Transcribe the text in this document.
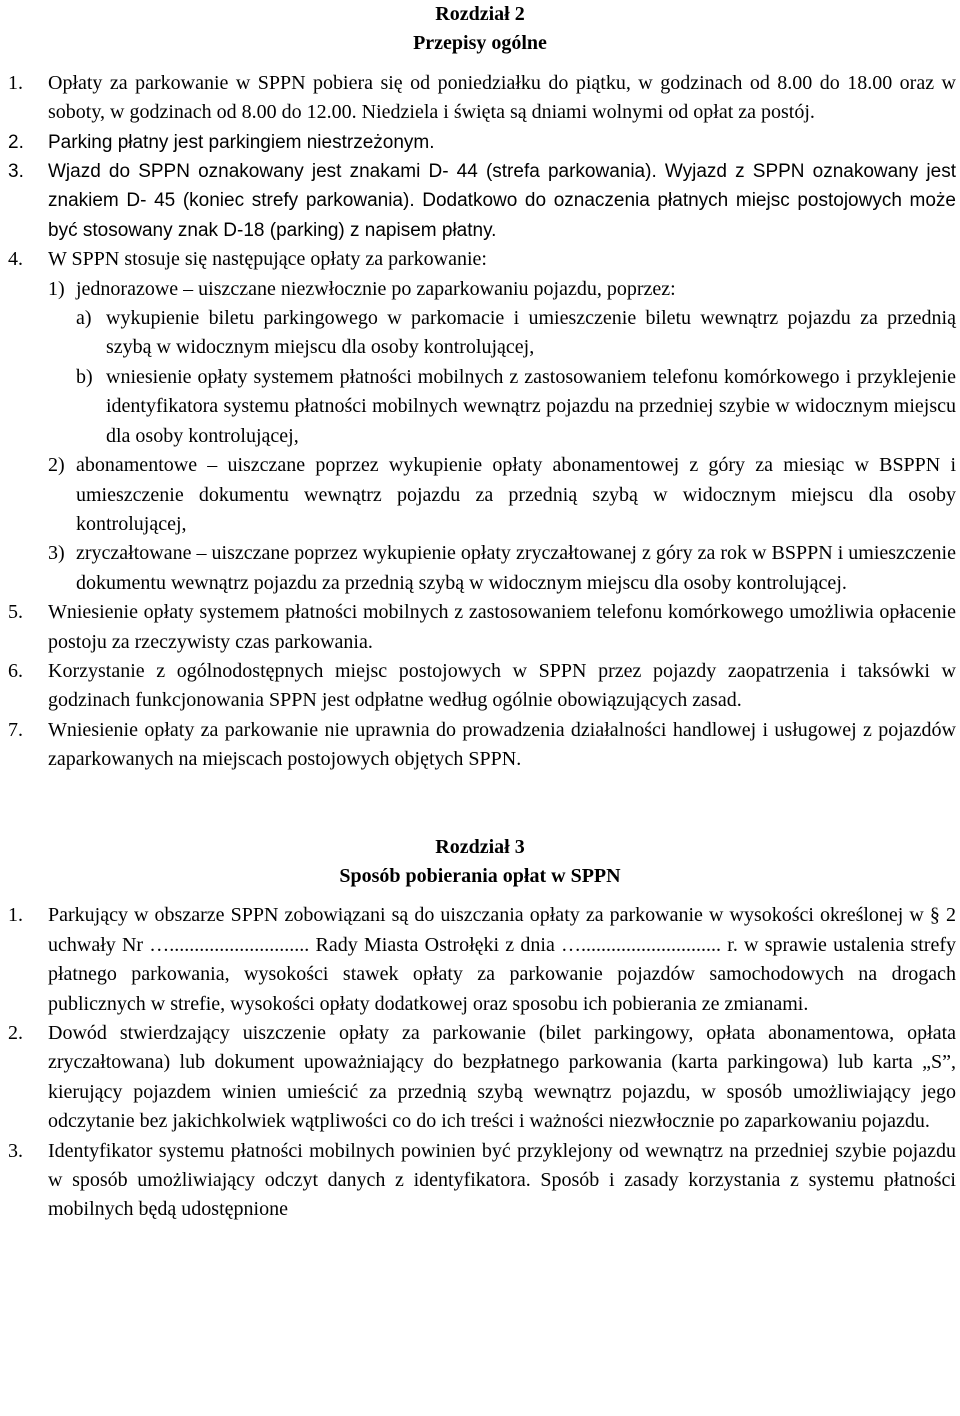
Rozdział 2

Przepisy ogólne

1.	Opłaty za parkowanie w SPPN pobiera się od poniedziałku do piątku, w godzinach od 8.00 do 18.00 oraz w soboty, w godzinach od 8.00 do 12.00. Niedziela i święta są dniami wolnymi od opłat za postój.
2.	Parking płatny jest parkingiem niestrzeżonym.
3.	Wjazd do SPPN oznakowany jest znakami D- 44 (strefa parkowania). Wyjazd z SPPN oznakowany jest znakiem D- 45 (koniec strefy parkowania). Dodatkowo do oznaczenia płatnych miejsc postojowych może być stosowany znak D-18 (parking) z napisem płatny.
4.	W SPPN stosuje się następujące opłaty za parkowanie:
1) jednorazowe – uiszczane niezwłocznie po zaparkowaniu pojazdu, poprzez:
a) wykupienie biletu parkingowego w parkomacie i umieszczenie biletu wewnątrz pojazdu za przednią szybą w widocznym miejscu dla osoby kontrolującej,
b) wniesienie opłaty systemem płatności mobilnych z zastosowaniem telefonu komórkowego i przyklejenie identyfikatora systemu płatności mobilnych wewnątrz pojazdu na przedniej szybie w widocznym miejscu dla osoby kontrolującej,
2) abonamentowe – uiszczane poprzez wykupienie opłaty abonamentowej z góry za miesiąc w BSPPN i umieszczenie dokumentu wewnątrz pojazdu za przednią szybą w widocznym miejscu dla osoby kontrolującej,
3) zryczałtowane – uiszczane poprzez wykupienie opłaty zryczałtowanej z góry za rok w BSPPN i umieszczenie dokumentu wewnątrz pojazdu za przednią szybą w widocznym miejscu dla osoby kontrolującej.
5.	Wniesienie opłaty systemem płatności mobilnych z zastosowaniem telefonu komórkowego umożliwia opłacenie postoju za rzeczywisty czas parkowania.
6.	Korzystanie z ogólnodostępnych miejsc postojowych w SPPN przez pojazdy zaopatrzenia i taksówki w godzinach funkcjonowania SPPN jest odpłatne według ogólnie obowiązujących zasad.
7.	Wniesienie opłaty za parkowanie nie uprawnia do prowadzenia działalności handlowej i usługowej z pojazdów zaparkowanych na miejscach postojowych objętych SPPN.

Rozdział 3

Sposób pobierania opłat w SPPN

1.	Parkujący w obszarze SPPN zobowiązani są do uiszczania opłaty za parkowanie w wysokości określonej w § 2 uchwały Nr …............................ Rady Miasta Ostrołęki z dnia …............................ r. w sprawie ustalenia strefy płatnego parkowania, wysokości stawek opłaty za parkowanie pojazdów samochodowych na drogach publicznych w strefie, wysokości opłaty dodatkowej oraz sposobu ich pobierania ze zmianami.
2.	Dowód stwierdzający uiszczenie opłaty za parkowanie (bilet parkingowy, opłata abonamentowa, opłata zryczałtowana) lub dokument upoważniający do bezpłatnego parkowania (karta parkingowa) lub karta „S”, kierujący pojazdem winien umieścić za przednią szybą wewnątrz pojazdu, w sposób umożliwiający jego odczytanie bez jakichkolwiek wątpliwości co do ich treści i ważności niezwłocznie po zaparkowaniu pojazdu.
3.	Identyfikator systemu płatności mobilnych powinien być przyklejony od wewnątrz na przedniej szybie pojazdu w sposób umożliwiający odczyt danych z identyfikatora. Sposób i zasady korzystania z systemu płatności mobilnych będą udostępnione
